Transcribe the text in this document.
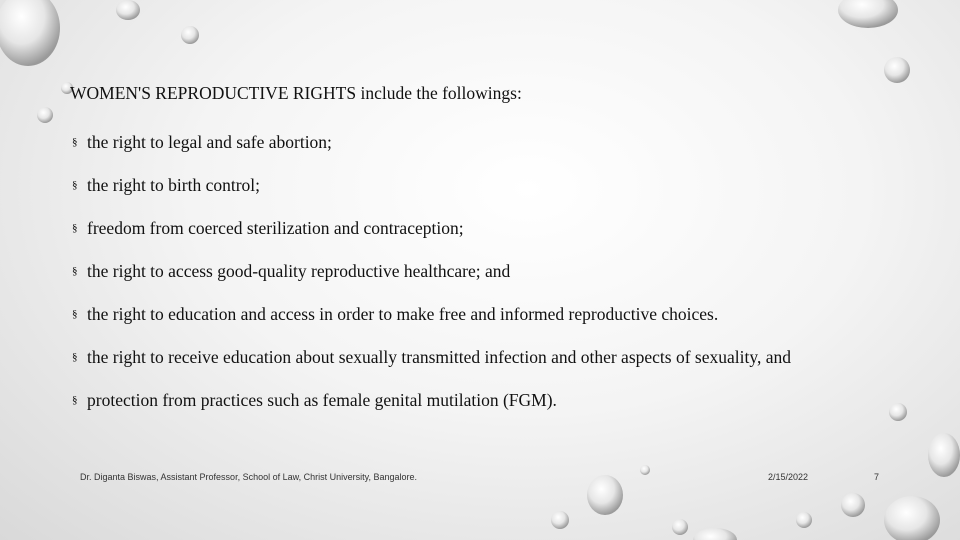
WOMEN'S REPRODUCTIVE RIGHTS include the followings:
§ the right to legal and safe abortion;
§ the right to birth control;
§ freedom from coerced sterilization and contraception;
§ the right to access good-quality reproductive healthcare; and
§ the right to education and access in order to make free and informed reproductive choices.
§ the right to receive education about sexually transmitted infection and other aspects of sexuality, and
§ protection from practices such as female genital mutilation (FGM).
Dr. Diganta Biswas, Assistant Professor, School of Law, Christ University, Bangalore.	2/15/2022	7
